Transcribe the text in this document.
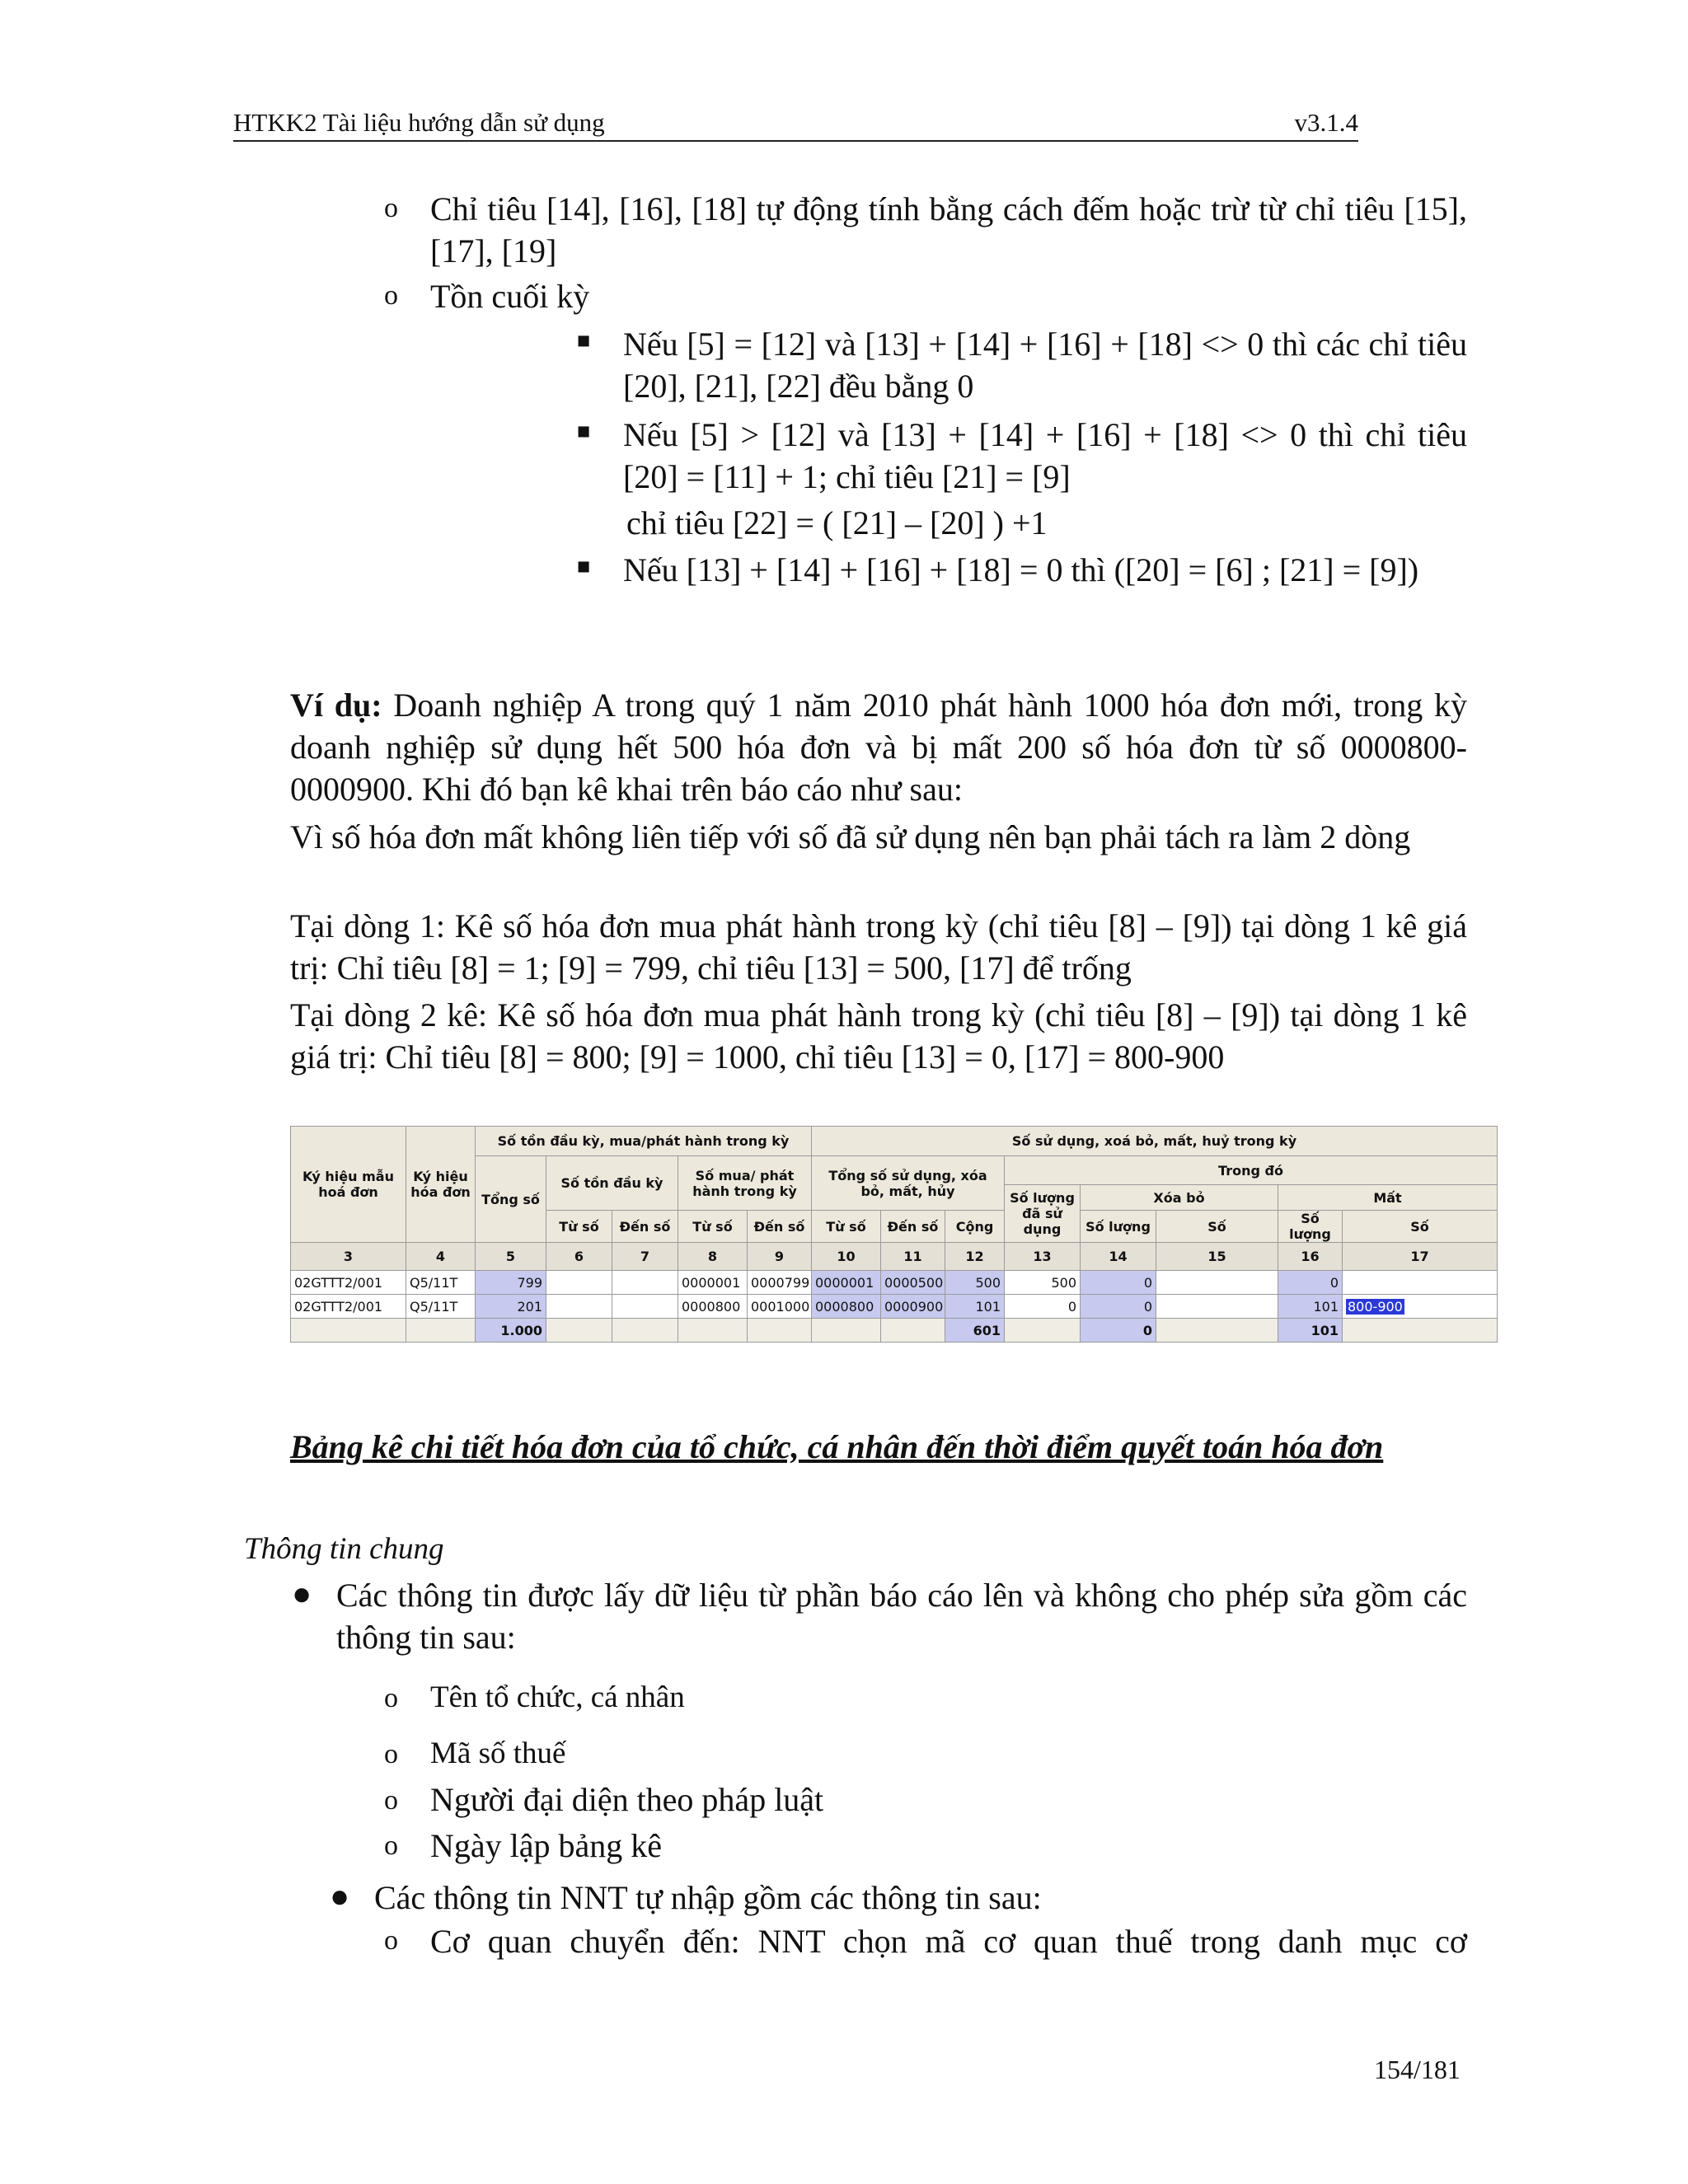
HTKK2 Tài liệu hướng dẫn sử dụng	v3.1.4
o Chỉ tiêu [14], [16], [18] tự động tính bằng cách đếm hoặc trừ từ chỉ tiêu [15], [17], [19]
o Tồn cuối kỳ
■ Nếu [5] = [12] và [13] + [14] + [16] + [18] <> 0 thì các chỉ tiêu [20], [21], [22] đều bằng 0
■ Nếu [5] > [12] và [13] + [14] + [16] + [18] <> 0 thì chỉ tiêu [20] = [11] + 1; chỉ tiêu [21] = [9]
chỉ tiêu [22] = ( [21] – [20] ) +1
■ Nếu [13] + [14] + [16] + [18] = 0 thì ([20] = [6] ; [21] = [9])
Ví dụ: Doanh nghiệp A trong quý 1 năm 2010 phát hành 1000 hóa đơn mới, trong kỳ doanh nghiệp sử dụng hết 500 hóa đơn và bị mất 200 số hóa đơn từ số 0000800-0000900. Khi đó bạn kê khai trên báo cáo như sau:
Vì số hóa đơn mất không liên tiếp với số đã sử dụng nên bạn phải tách ra làm 2 dòng
Tại dòng 1: Kê số hóa đơn mua phát hành trong kỳ (chỉ tiêu [8] – [9]) tại dòng 1 kê giá trị: Chỉ tiêu [8] = 1; [9] = 799, chỉ tiêu [13] = 500, [17] để trống
Tại dòng 2 kê: Kê số hóa đơn mua phát hành trong kỳ (chỉ tiêu [8] – [9]) tại dòng 1 kê giá trị: Chỉ tiêu [8] = 800; [9] = 1000, chỉ tiêu [13] = 0, [17] = 800-900
Ký hiệu mẫu hoá đơn	Ký hiệu hóa đơn	Số tồn đầu kỳ, mua/phát hành trong kỳ					Số sử dụng, xoá bỏ, mất, huỷ trong kỳ							
		Tổng số	Số tồn đầu kỳ		Số mua/ phát hành trong kỳ		Tổng số sử dụng, xóa bỏ, mất, hủy			Trong đó				
										Số lượng đã sử dụng	Xóa bỏ		Mất	
			Từ số	Đến số	Từ số	Đến số	Từ số	Đến số	Cộng		Số lượng	Số	Số lượng	Số
3	4	5	6	7	8	9	10	11	12	13	14	15	16	17
02GTTT2/001	Q5/11T	799			0000001	0000799	0000001	0000500	500	500	0		0	
02GTTT2/001	Q5/11T	201			0000800	0001000	0000800	0000900	101	0	0		101	800-900
		1.000							601		0		101	
Bảng kê chi tiết hóa đơn của tổ chức, cá nhân đến thời điểm quyết toán hóa đơn
Thông tin chung
● Các thông tin được lấy dữ liệu từ phần báo cáo lên và không cho phép sửa gồm các thông tin sau:
o Tên tổ chức, cá nhân
o Mã số thuế
o Người đại diện theo pháp luật
o Ngày lập bảng kê
● Các thông tin NNT tự nhập gồm các thông tin sau:
o Cơ quan chuyển đến: NNT chọn mã cơ quan thuế trong danh mục cơ
154/181
